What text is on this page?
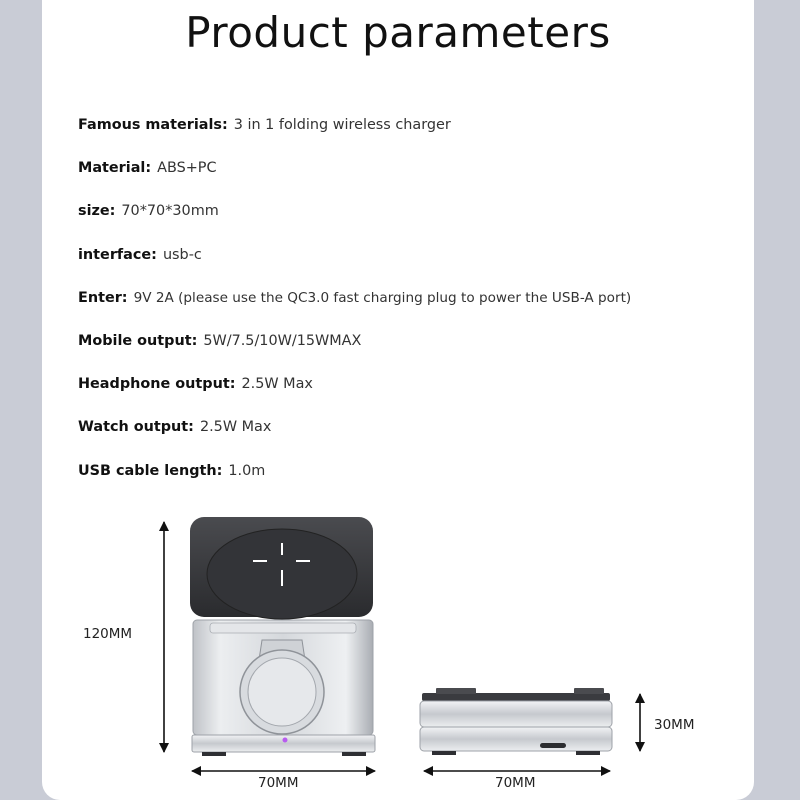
Product parameters
Famous materials: 3 in 1 folding wireless charger
Material: ABS+PC
size: 70*70*30mm
interface: usb-c
Enter: 9V 2A (please use the QC3.0 fast charging plug to power the USB-A port)
Mobile output: 5W/7.5/10W/15WMAX
Headphone output: 2.5W Max
Watch output: 2.5W Max
USB cable length: 1.0m
120MM
70MM	70MM
30MM
